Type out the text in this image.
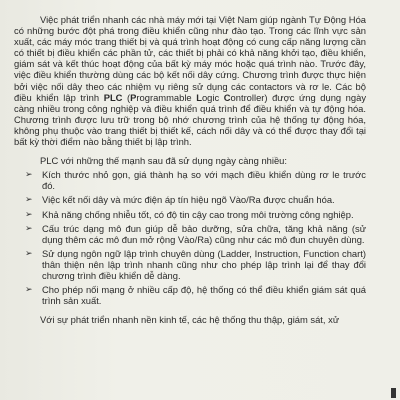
Việc phát triển nhanh các nhà máy mới tại Việt Nam giúp ngành Tự Động Hóa có những bước đột phá trong điều khiển cũng như đào tạo. Trong các lĩnh vực sản xuất, các máy móc trang thiết bị và quá trình hoạt động có cung cấp năng lượng cần có thiết bị điều khiển các phần tử, các thiết bị phải có khả năng khởi tạo, điều khiển, giám sát và kết thúc hoạt động của bất kỳ máy móc hoặc quá trình nào. Trước đây, việc điều khiển thường dùng các bộ kết nối dây cứng. Chương trình được thực hiện bởi việc nối dây theo các nhiệm vụ riêng sử dụng các contactors và rơ le. Các bộ điều khiển lập trình PLC (Programmable Logic Controller) được ứng dụng ngày càng nhiều trong công nghiệp và điều khiển quá trình để điều khiển và tự động hóa. Chương trình được lưu trữ trong bộ nhớ chương trình của hệ thống tự động hóa, không phụ thuộc vào trang thiết bị thiết kế, cách nối dây và có thể được thay đổi tại bất kỳ thời điểm nào bằng thiết bị lập trình.

PLC với những thế mạnh sau đã sử dụng ngày càng nhiều:

➢ Kích thước nhỏ gọn, giá thành hạ so với mạch điều khiển dùng rơ le trước đó.
➢ Việc kết nối dây và mức điện áp tín hiệu ngõ Vào/Ra được chuẩn hóa.
➢ Khả năng chống nhiễu tốt, có độ tin cậy cao trong môi trường công nghiệp.
➢ Cấu trúc dạng mô đun giúp dễ bảo dưỡng, sửa chữa, tăng khả năng (sử dụng thêm các mô đun mở rộng Vào/Ra) cũng như các mô đun chuyên dùng.
➢ Sử dụng ngôn ngữ lập trình chuyên dùng (Ladder, Instruction, Function chart) thân thiện nên lập trình nhanh cũng như cho phép lập trình lại để thay đổi chương trình điều khiển dễ dàng.
➢ Cho phép nối mạng ở nhiều cấp độ, hệ thống có thể điều khiển giám sát quá trình sản xuất.

Với sự phát triển nhanh nền kinh tế, các hệ thống thu thập, giám sát, xử
